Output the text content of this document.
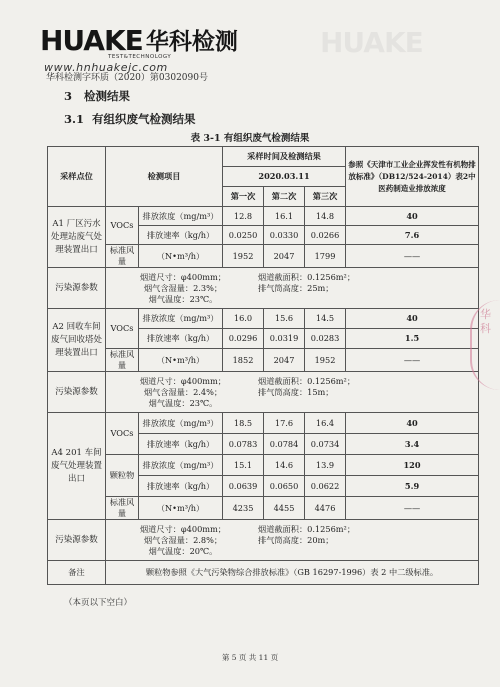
HUAKE
HUAKE 华科检测
TEST&TECHNOLOGY
www.hnhuakejc.com
华科检测字环质（2020）第0302090号
3 检测结果
3.1 有组织废气检测结果
表 3-1 有组织废气检测结果
采样点位	检测项目		采样时间及检测结果			参照《天津市工业企业挥发性有机物排放标准》（DB12/524-2014）表2中医药制造业排放浓度
			2020.03.11			
			第一次	第二次	第三次	
A1 厂区污水处理站废气处理装置出口	VOCs	排放浓度（mg/m³）	12.8	16.1	14.8	40
		排放速率（kg/h）	0.0250	0.0330	0.0266	7.6
	标准风量	（N•m³/h）	1952	2047	1799	——
污染源参数	烟道尺寸：φ400mm； 烟道截面积：0.1256m²；
烟气含湿量：2.3%； 排气筒高度：25m；
烟气温度：23℃。					

A2 回收车间废气回收塔处理装置出口	VOCs	排放浓度（mg/m³）	16.0	15.6	14.5	40
		排放速率（kg/h）	0.0296	0.0319	0.0283	1.5
	标准风量	（N•m³/h）	1852	2047	1952	——
污染源参数	烟道尺寸：φ400mm； 烟道截面积：0.1256m²；
烟气含湿量：2.4%； 排气筒高度：15m；
烟气温度：23℃。					

A4 201 车间废气处理装置出口	VOCs	排放浓度（mg/m³）	18.5	17.6	16.4	40
		排放速率（kg/h）	0.0783	0.0784	0.0734	3.4
	颗粒物	排放浓度（mg/m³）	15.1	14.6	13.9	120
		排放速率（kg/h）	0.0639	0.0650	0.0622	5.9
	标准风量	（N•m³/h）	4235	4455	4476	——
污染源参数	烟道尺寸：φ400mm； 烟道截面积：0.1256m²；
烟气含湿量：2.8%； 排气筒高度：20m；
烟气温度：20℃。					

备注	颗粒物参照《大气污染物综合排放标准》（GB 16297-1996）表 2 中二级标准。					
（本页以下空白）
第 5 页 共 11 页
华科
